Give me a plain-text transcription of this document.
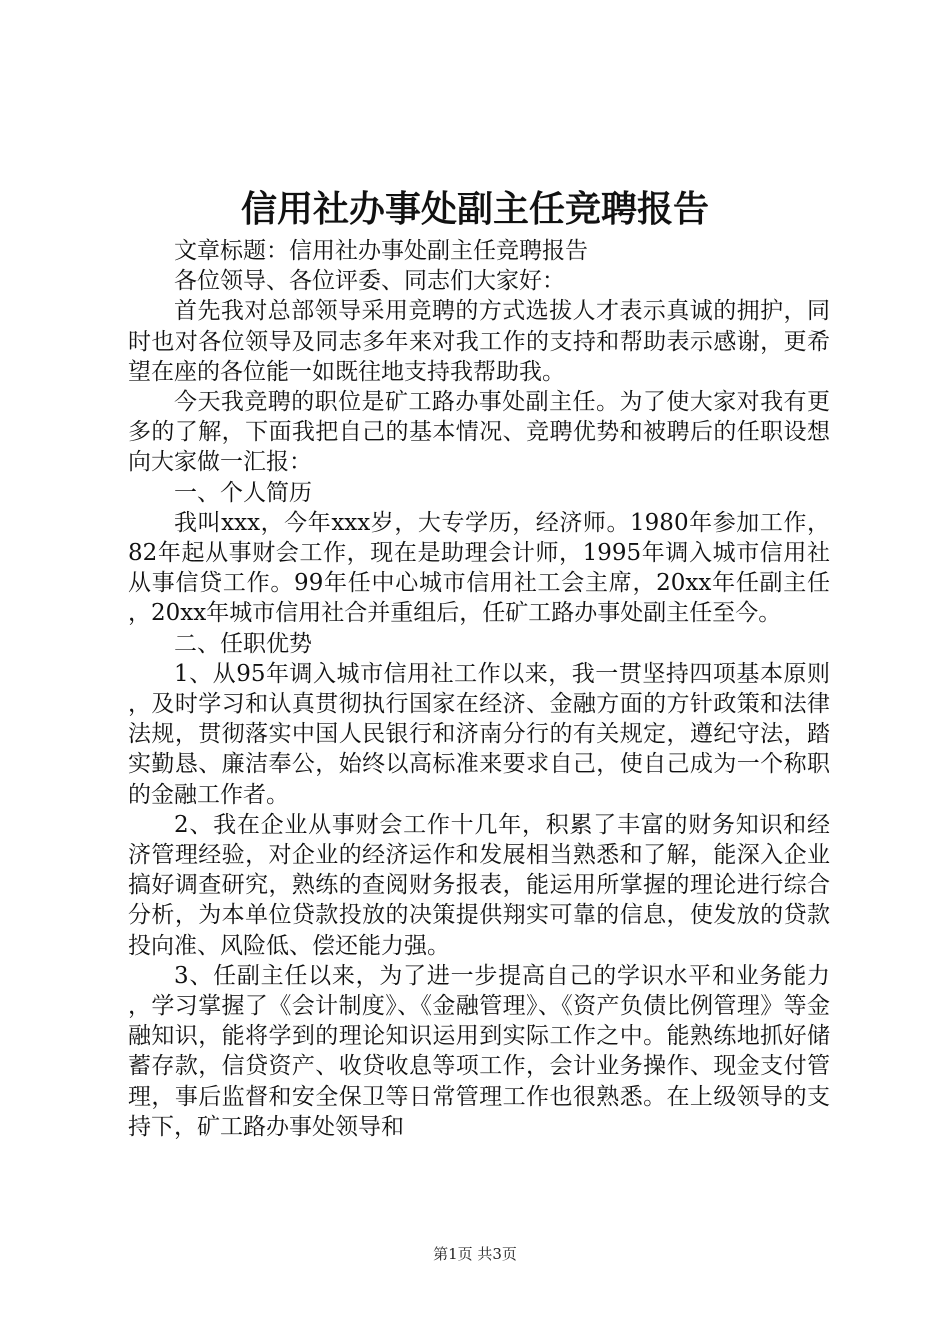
信用社办事处副主任竞聘报告

文章标题：信用社办事处副主任竞聘报告

各位领导、各位评委、同志们大家好：

首先我对总部领导采用竞聘的方式选拔人才表示真诚的拥护，同时也对各位领导及同志多年来对我工作的支持和帮助表示感谢，更希望在座的各位能一如既往地支持我帮助我。

今天我竞聘的职位是矿工路办事处副主任。为了使大家对我有更多的了解，下面我把自己的基本情况、竞聘优势和被聘后的任职设想向大家做一汇报：

一、个人简历

我叫xxx，今年xxx岁，大专学历，经济师。1980年参加工作，82年起从事财会工作，现在是助理会计师，1995年调入城市信用社从事信贷工作。99年任中心城市信用社工会主席，20xx年任副主任，20xx年城市信用社合并重组后，任矿工路办事处副主任至今。

二、任职优势

1、从95年调入城市信用社工作以来，我一贯坚持四项基本原则，及时学习和认真贯彻执行国家在经济、金融方面的方针政策和法律法规，贯彻落实中国人民银行和济南分行的有关规定，遵纪守法，踏实勤恳、廉洁奉公，始终以高标准来要求自己，使自己成为一个称职的金融工作者。

2、我在企业从事财会工作十几年，积累了丰富的财务知识和经济管理经验，对企业的经济运作和发展相当熟悉和了解，能深入企业搞好调查研究，熟练的查阅财务报表，能运用所掌握的理论进行综合分析，为本单位贷款投放的决策提供翔实可靠的信息，使发放的贷款投向准、风险低、偿还能力强。

3、任副主任以来，为了进一步提高自己的学识水平和业务能力，学习掌握了《会计制度》、《金融管理》、《资产负债比例管理》等金融知识，能将学到的理论知识运用到实际工作之中。能熟练地抓好储蓄存款，信贷资产、收贷收息等项工作，会计业务操作、现金支付管理，事后监督和安全保卫等日常管理工作也很熟悉。在上级领导的支持下，矿工路办事处领导和

第1页 共3页
